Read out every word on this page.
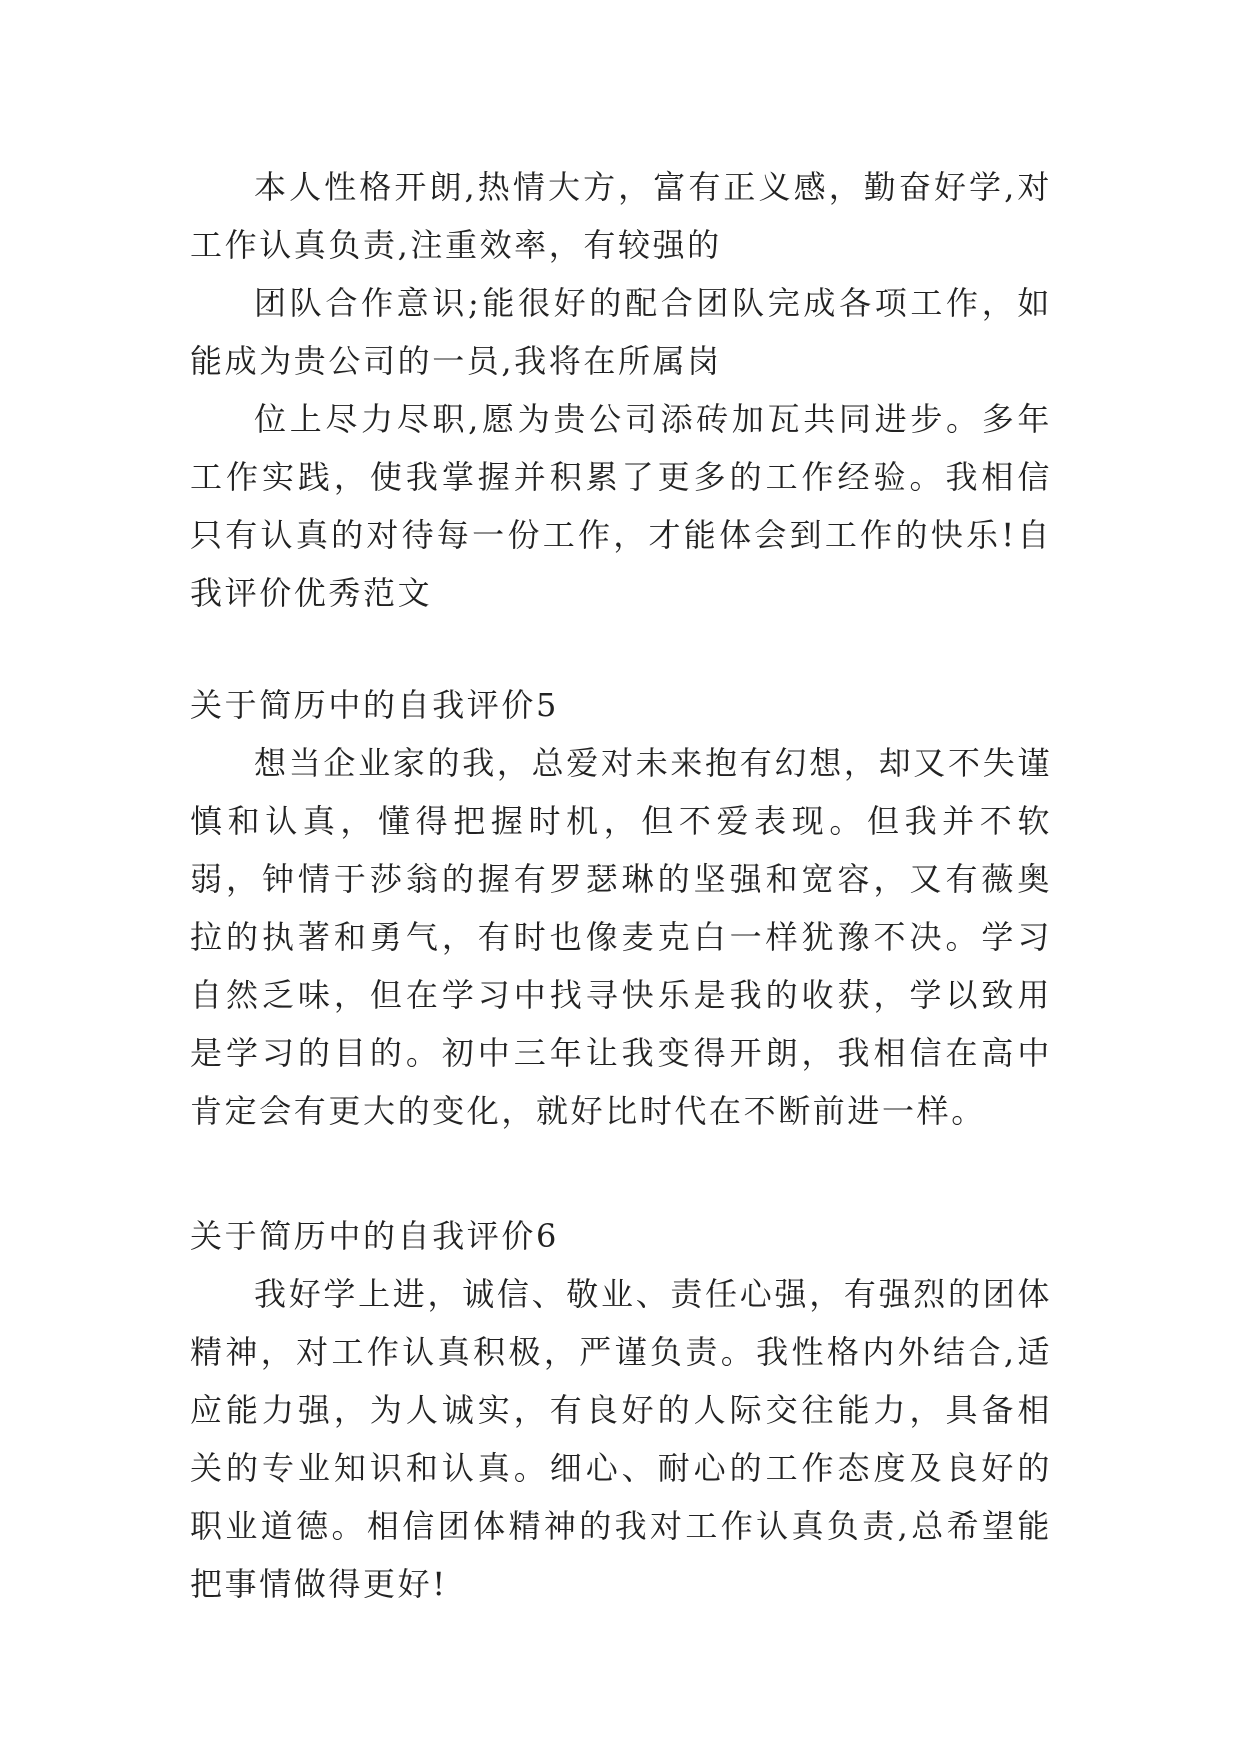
本人性格开朗,热情大方，富有正义感，勤奋好学,对工作认真负责,注重效率，有较强的

团队合作意识;能很好的配合团队完成各项工作，如能成为贵公司的一员,我将在所属岗

位上尽力尽职,愿为贵公司添砖加瓦共同进步。多年工作实践，使我掌握并积累了更多的工作经验。我相信只有认真的对待每一份工作，才能体会到工作的快乐!自我评价优秀范文

关于简历中的自我评价5

想当企业家的我，总爱对未来抱有幻想，却又不失谨慎和认真，懂得把握时机，但不爱表现。但我并不软弱，钟情于莎翁的握有罗瑟琳的坚强和宽容，又有薇奥拉的执著和勇气，有时也像麦克白一样犹豫不决。学习自然乏味，但在学习中找寻快乐是我的收获，学以致用是学习的目的。初中三年让我变得开朗，我相信在高中肯定会有更大的变化，就好比时代在不断前进一样。

关于简历中的自我评价6

我好学上进，诚信、敬业、责任心强，有强烈的团体精神，对工作认真积极，严谨负责。我性格内外结合,适应能力强，为人诚实，有良好的人际交往能力，具备相关的专业知识和认真。细心、耐心的工作态度及良好的职业道德。相信团体精神的我对工作认真负责,总希望能把事情做得更好!
